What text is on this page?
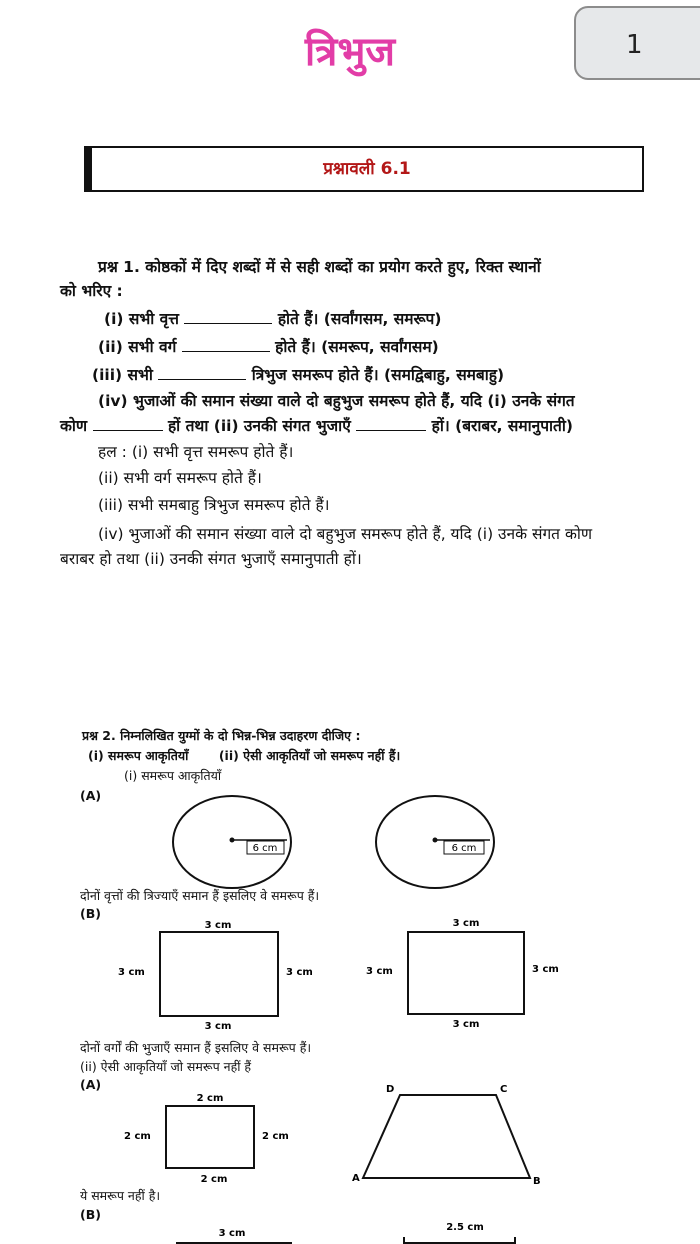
त्रिभुज	1
प्रश्नावली 6.1
प्रश्न 1. कोष्ठकों में दिए शब्दों में से सही शब्दों का प्रयोग करते हुए, रिक्त स्थानों
को भरिए :
(i) सभी वृत्त	होते हैं। (सर्वांगसम, समरूप)
(ii) सभी वर्ग	होते हैं। (समरूप, सर्वांगसम)
(iii) सभी	त्रिभुज समरूप होते हैं। (समद्विबाहु, समबाहु)
(iv) भुजाओं की समान संख्या वाले दो बहुभुज समरूप होते हैं, यदि (i) उनके संगत
कोण	हों तथा (ii) उनकी संगत भुजाएँ	हों। (बराबर, समानुपाती)
हल : (i) सभी वृत्त समरूप होते हैं।
(ii) सभी वर्ग समरूप होते हैं।
(iii) सभी समबाहु त्रिभुज समरूप होते हैं।
(iv) भुजाओं की समान संख्या वाले दो बहुभुज समरूप होते हैं, यदि (i) उनके संगत कोण
बराबर हो तथा (ii) उनकी संगत भुजाएँ समानुपाती हों।
प्रश्न 2. निम्नलिखित युग्मों के दो भिन्न-भिन्न उदाहरण दीजिए :
(i) समरूप आकृतियाँ       (ii) ऐसी आकृतियाँ जो समरूप नहीं हैं।
(i) समरूप आकृतियाँ
(A)
6 cm	6 cm
3 cm
3 cm
3 cm	3 cm
3 cm
3 cm
3 cm	3 cm
2 cm
2 cm
2 cm	2 cm
D	C
A	B
3 cm
2.5 cm
दोनों वृत्तों की त्रिज्याएँ समान हैं इसलिए वे समरूप हैं।
(B)
दोनों वर्गों की भुजाएँ समान हैं इसलिए वे समरूप हैं।
(ii) ऐसी आकृतियाँ जो समरूप नहीं हैं
(A)
ये समरूप नहीं है।
(B)
